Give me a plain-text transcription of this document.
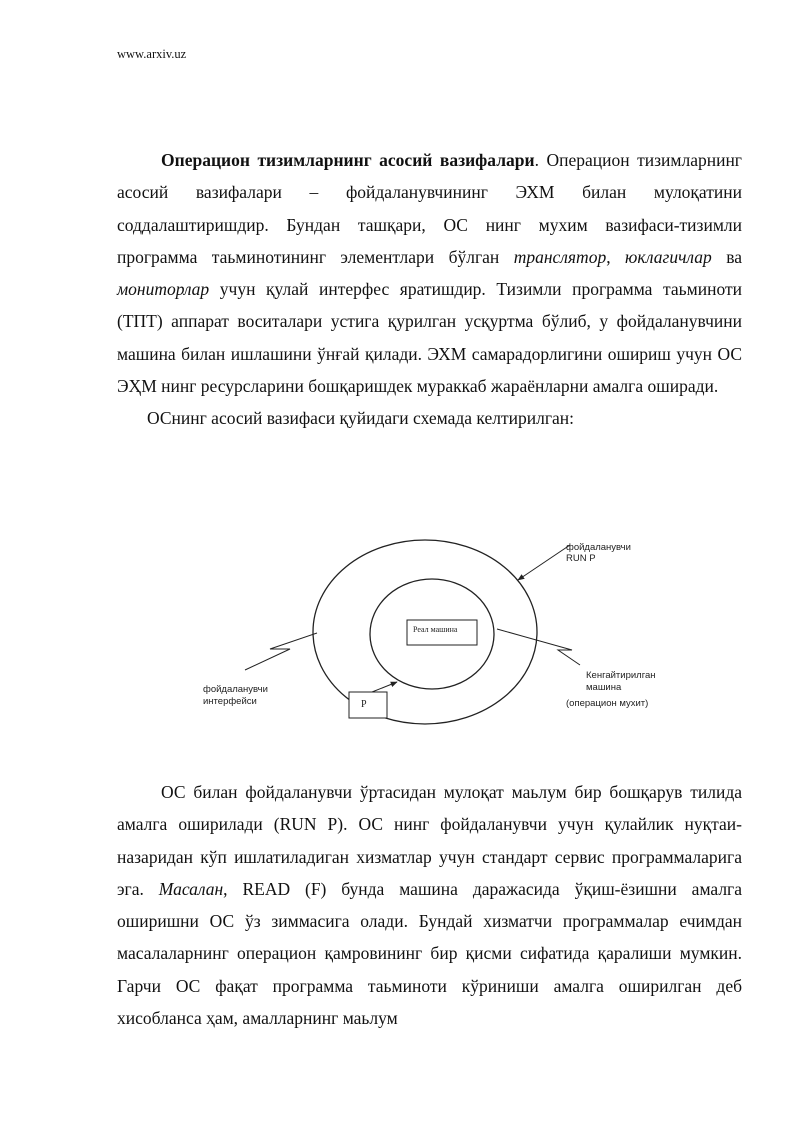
www.arxiv.uz
Операцион тизимларнинг асосий вазифалари. Операцион тизимларнинг асосий вазифалари – фойдаланувчининг ЭХМ билан мулоқатини соддалаштиришдир. Бундан ташқари, ОС нинг мухим вазифаси-тизимли программа таьминотининг элементлари бўлган транслятор, юклагичлар ва мониторлар учун қулай интерфес яратишдир. Тизимли программа таьминоти (ТПТ) аппарат воситалари устига қурилган усқуртма бўлиб, у фойдаланувчини машина билан ишлашини ўнғай қилади. ЭХМ самарадорлигини ошириш учун ОС ЭҲМ нинг ресурсларини бошқаришдек мураккаб жараёнларни амалга оширади.
ОСнинг асосий вазифаси қуйидаги схемада келтирилган:
Реал машина
P
фойдаланувчи
RUN P
фойдаланувчи
интерфейси
Кенгайтирилган
машина
(операцион мухит)
ОС билан фойдаланувчи ўртасидан мулоқат маьлум бир бошқарув тилида амалга оширилади (RUN P). ОС нинг фойдаланувчи учун қулайлик нуқтаи-назаридан кўп ишлатиладиган хизматлар учун стандарт сервис программаларига эга. Масалан, READ (F) бунда машина даражасида ўқиш-ёзишни амалга оширишни ОС ўз зиммасига олади. Бундай хизматчи программалар ечимдан масалаларнинг операцион қамровининг бир қисми сифатида қаралиши мумкин. Гарчи ОС фақат программа таьминоти кўриниши амалга оширилган деб хисобланса ҳам, амалларнинг маьлум
